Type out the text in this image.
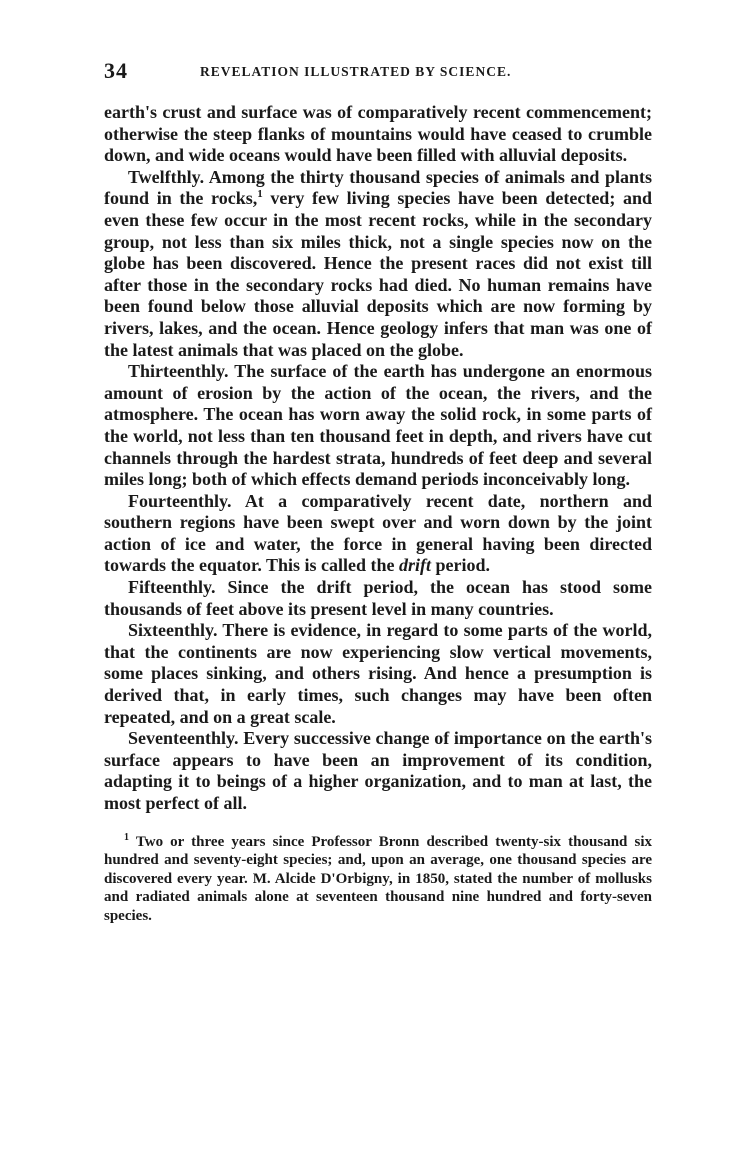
34	REVELATION ILLUSTRATED BY SCIENCE.

earth's crust and surface was of comparatively recent commencement; otherwise the steep flanks of mountains would have ceased to crumble down, and wide oceans would have been filled with alluvial deposits.

Twelfthly. Among the thirty thousand species of animals and plants found in the rocks,$^1$ very few living species have been detected; and even these few occur in the most recent rocks, while in the secondary group, not less than six miles thick, not a single species now on the globe has been discovered. Hence the present races did not exist till after those in the secondary rocks had died. No human remains have been found below those alluvial deposits which are now forming by rivers, lakes, and the ocean. Hence geology infers that man was one of the latest animals that was placed on the globe.

Thirteenthly. The surface of the earth has undergone an enormous amount of erosion by the action of the ocean, the rivers, and the atmosphere. The ocean has worn away the solid rock, in some parts of the world, not less than ten thousand feet in depth, and rivers have cut channels through the hardest strata, hundreds of feet deep and several miles long; both of which effects demand periods inconceivably long.

Fourteenthly. At a comparatively recent date, northern and southern regions have been swept over and worn down by the joint action of ice and water, the force in general having been directed towards the equator. This is called the drift period.

Fifteenthly. Since the drift period, the ocean has stood some thousands of feet above its present level in many countries.

Sixteenthly. There is evidence, in regard to some parts of the world, that the continents are now experiencing slow vertical movements, some places sinking, and others rising. And hence a presumption is derived that, in early times, such changes may have been often repeated, and on a great scale.

Seventeenthly. Every successive change of importance on the earth's surface appears to have been an improvement of its condition, adapting it to beings of a higher organization, and to man at last, the most perfect of all.

$^1$ Two or three years since Professor Bronn described twenty-six thousand six hundred and seventy-eight species; and, upon an average, one thousand species are discovered every year. M. Alcide D'Orbigny, in 1850, stated the number of mollusks and radiated animals alone at seventeen thousand nine hundred and forty-seven species.
